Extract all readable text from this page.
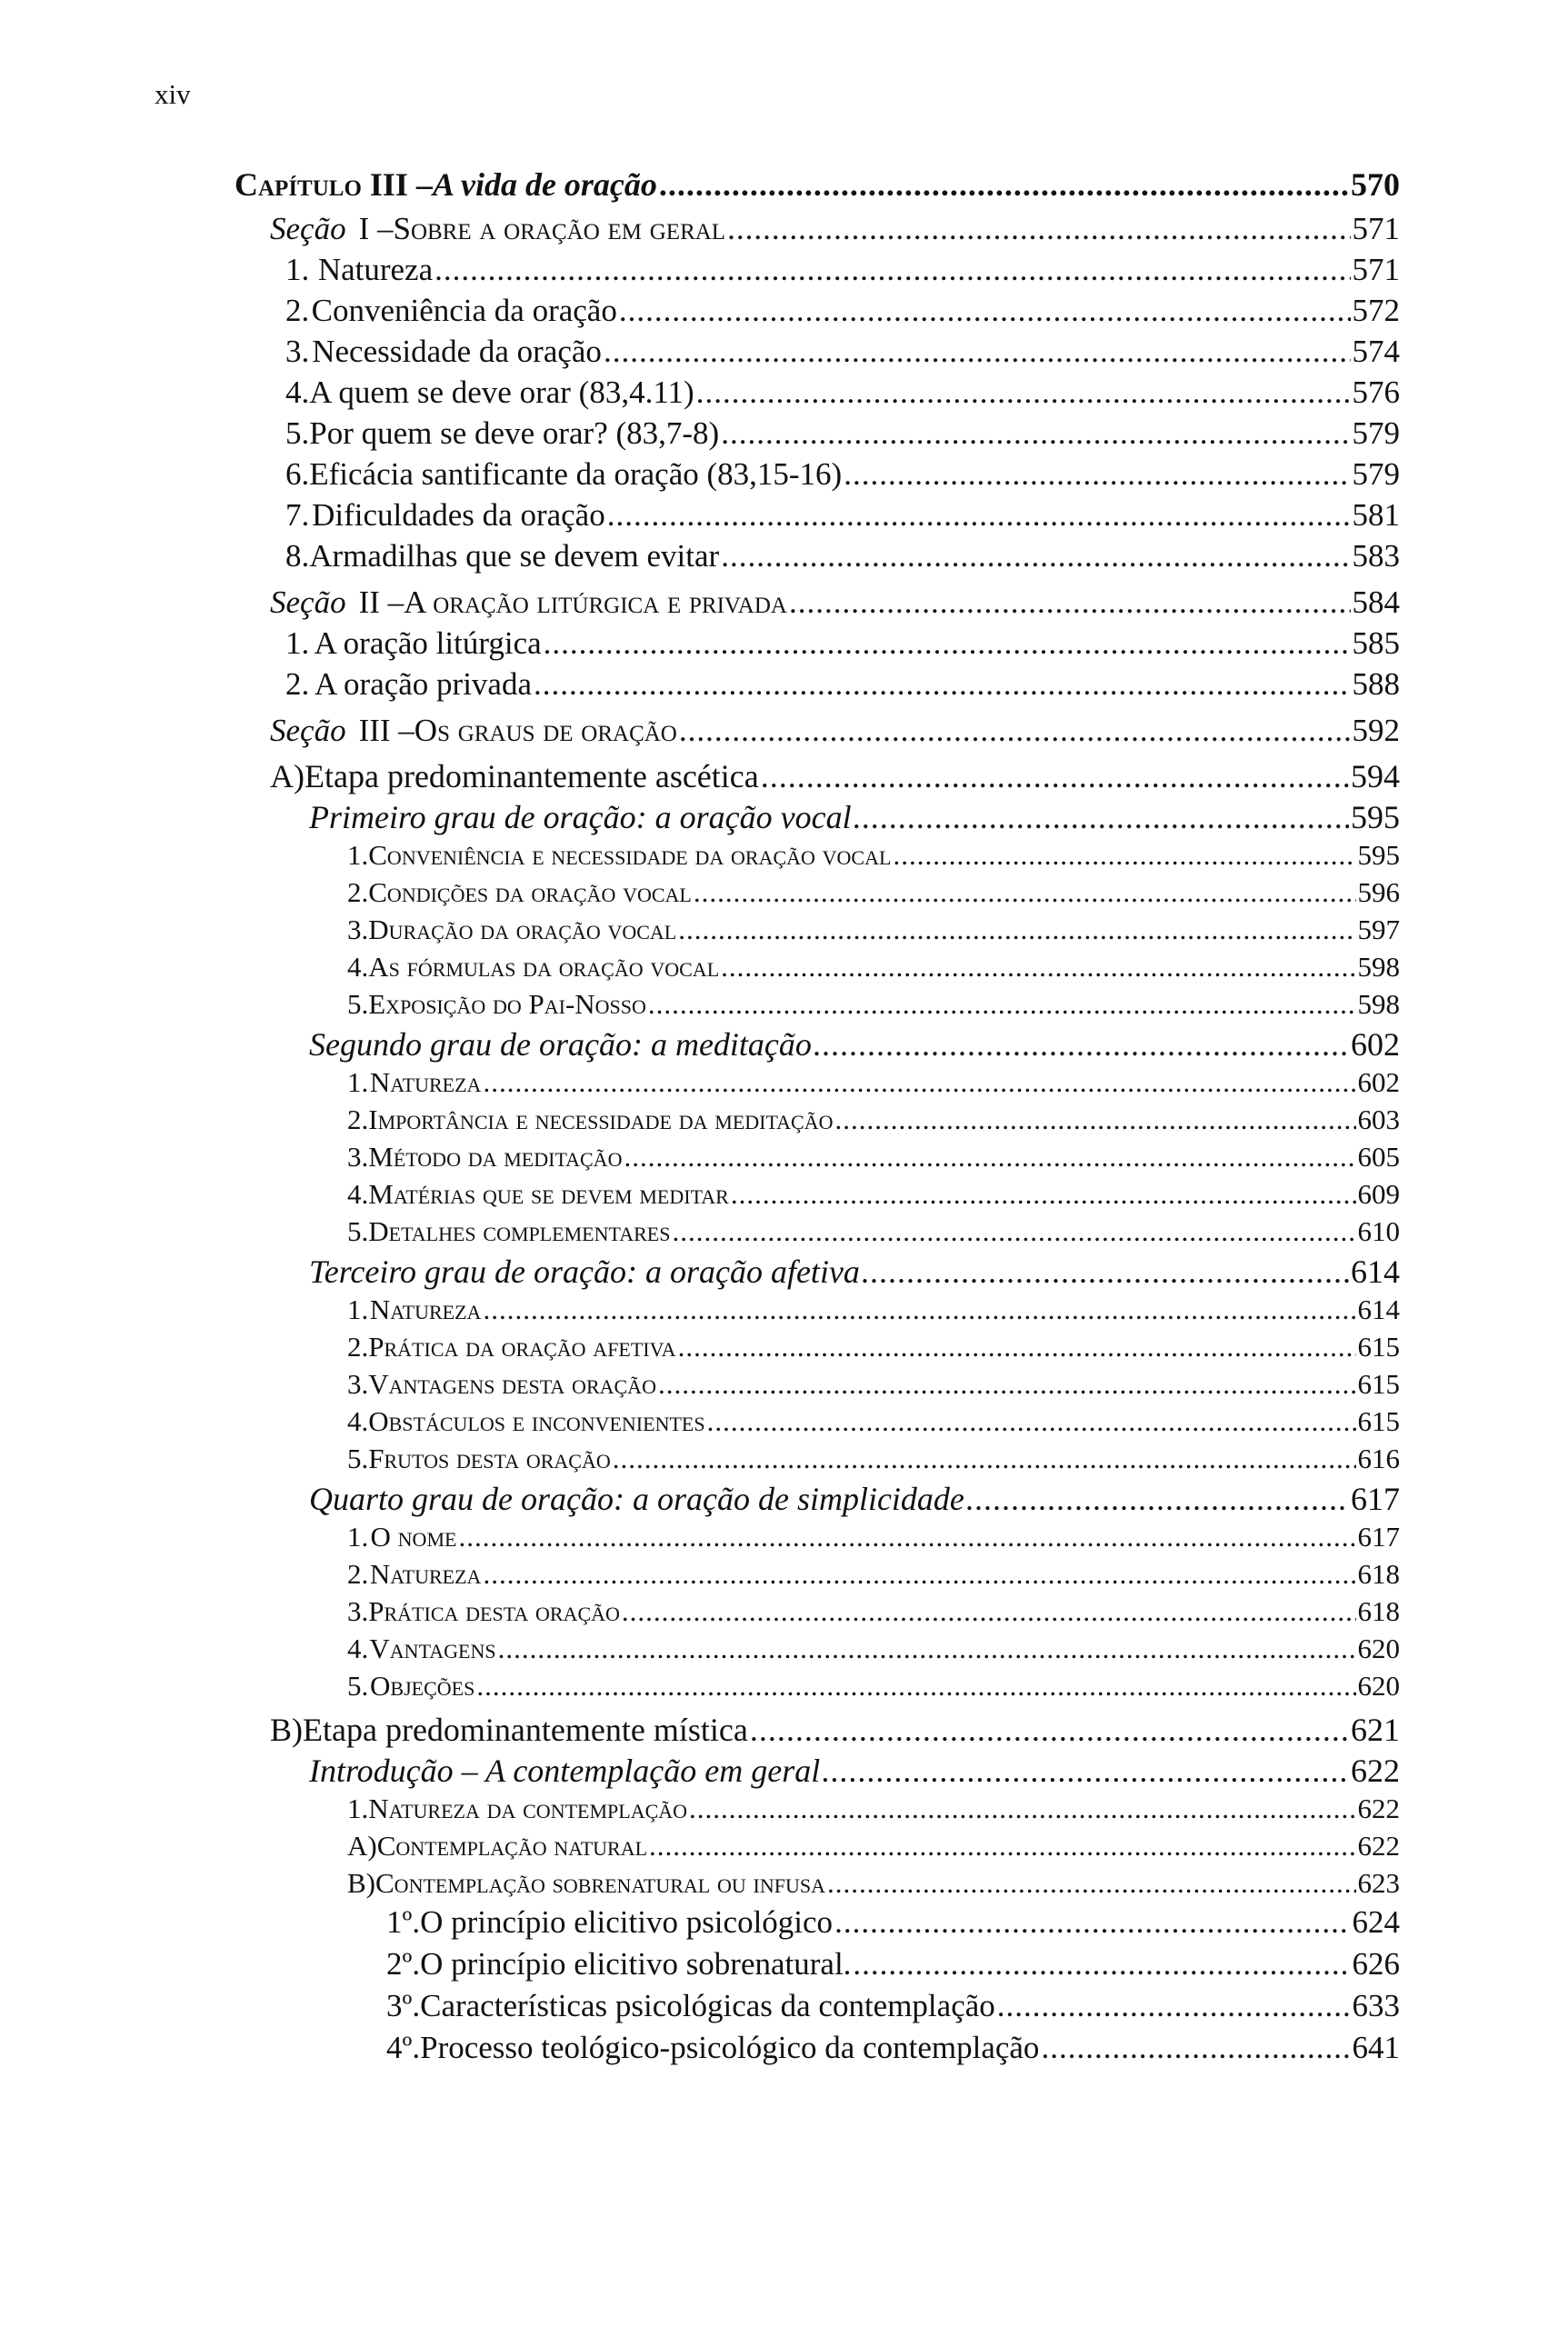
xiv
Capítulo III – A vida de oração .....	570
Seção I – Sobre a oração em geral .....	571
1. Natureza .....	571
2. Conveniência da oração .....	572
3. Necessidade da oração .....	574
4. A quem se deve orar (83,4.11) .....	576
5. Por quem se deve orar? (83,7-8) .....	579
6. Eficácia santificante da oração (83,15-16) .....	579
7. Dificuldades da oração .....	581
8. Armadilhas que se devem evitar .....	583
Seção II – A oração litúrgica e privada .....	584
1. A oração litúrgica .....	585
2. A oração privada .....	588
Seção III – Os graus de oração .....	592
A) Etapa predominantemente ascética .....	594
Primeiro grau de oração: a oração vocal .....	595
1. Conveniência e necessidade da oração vocal .....	595
2. Condições da oração vocal .....	596
3. Duração da oração vocal .....	597
4. As fórmulas da oração vocal .....	598
5. Exposição do Pai-Nosso .....	598
Segundo grau de oração: a meditação .....	602
1. Natureza .....	602
2. Importância e necessidade da meditação .....	603
3. Método da meditação .....	605
4. Matérias que se devem meditar .....	609
5. Detalhes complementares .....	610
Terceiro grau de oração: a oração afetiva .....	614
1. Natureza .....	614
2. Prática da oração afetiva .....	615
3. Vantagens desta oração .....	615
4. Obstáculos e inconvenientes .....	615
5. Frutos desta oração .....	616
Quarto grau de oração: a oração de simplicidade .....	617
1. O nome .....	617
2. Natureza .....	618
3. Prática desta oração .....	618
4. Vantagens .....	620
5. Objeções .....	620
B) Etapa predominantemente mística .....	621
Introdução – A contemplação em geral .....	622
1. Natureza da contemplação .....	622
A) Contemplação natural .....	622
B) Contemplação sobrenatural ou infusa .....	623
1º. O princípio elicitivo psicológico .....	624
2º. O princípio elicitivo sobrenatural. .....	626
3º. Características psicológicas da contemplação .....	633
4º. Processo teológico-psicológico da contemplação .....	641
